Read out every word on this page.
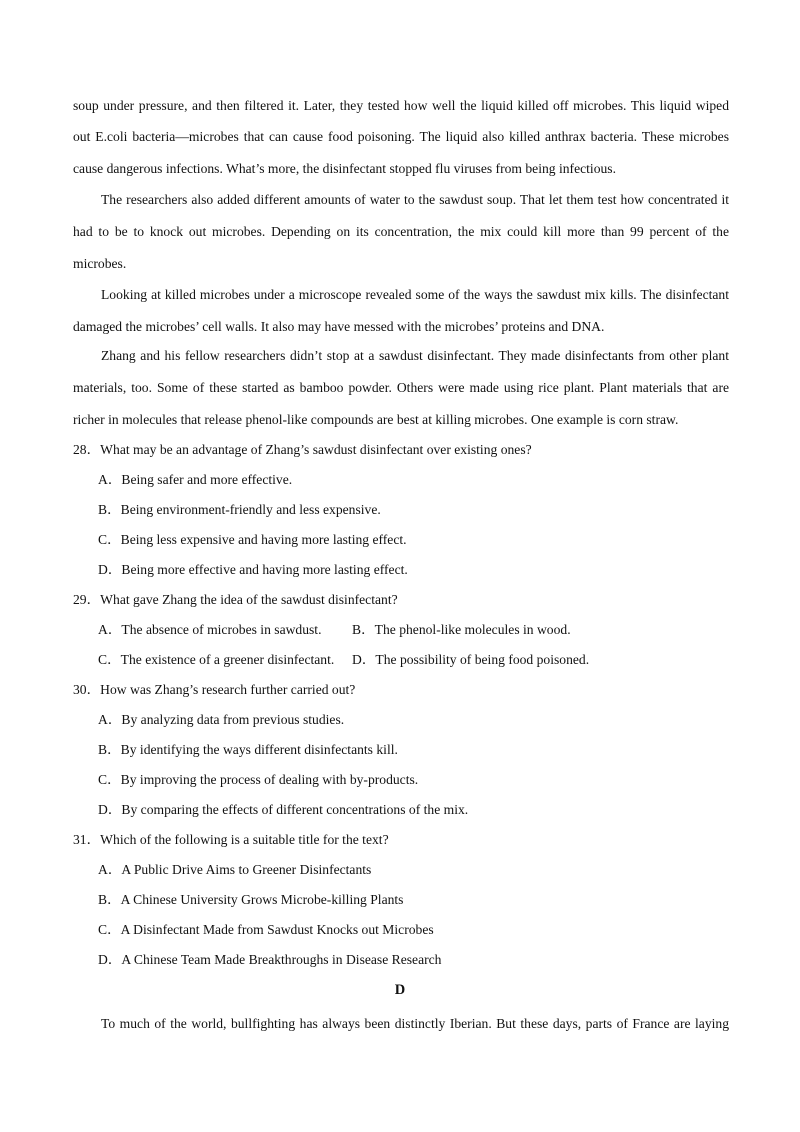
soup under pressure, and then filtered it. Later, they tested how well the liquid killed off microbes. This liquid wiped
out E.coli bacteria—microbes that can cause food poisoning. The liquid also killed anthrax bacteria. These microbes
cause dangerous infections. What’s more, the disinfectant stopped flu viruses from being infectious.
The researchers also added different amounts of water to the sawdust soup. That let them test how concentrated it
had to be to knock out microbes. Depending on its concentration, the mix could kill more than 99 percent of the
microbes.
Looking at killed microbes under a microscope revealed some of the ways the sawdust mix kills. The disinfectant
damaged the microbes’ cell walls. It also may have messed with the microbes’ proteins and DNA.
Zhang and his fellow researchers didn’t stop at a sawdust disinfectant. They made disinfectants from other plant
materials, too. Some of these started as bamboo powder. Others were made using rice plant. Plant materials that are
richer in molecules that release phenol-like compounds are best at killing microbes. One example is corn straw.
28．What may be an advantage of Zhang’s sawdust disinfectant over existing ones?
A．Being safer and more effective.
B．Being environment-friendly and less expensive.
C．Being less expensive and having more lasting effect.
D．Being more effective and having more lasting effect.
29．What gave Zhang the idea of the sawdust disinfectant?
A．The absence of microbes in sawdust.	B．The phenol-like molecules in wood.
C．The existence of a greener disinfectant.	D．The possibility of being food poisoned.
30．How was Zhang’s research further carried out?
A．By analyzing data from previous studies.
B．By identifying the ways different disinfectants kill.
C．By improving the process of dealing with by-products.
D．By comparing the effects of different concentrations of the mix.
31．Which of the following is a suitable title for the text?
A．A Public Drive Aims to Greener Disinfectants
B．A Chinese University Grows Microbe-killing Plants
C．A Disinfectant Made from Sawdust Knocks out Microbes
D．A Chinese Team Made Breakthroughs in Disease Research
D
To much of the world, bullfighting has always been distinctly Iberian. But these days, parts of France are laying
